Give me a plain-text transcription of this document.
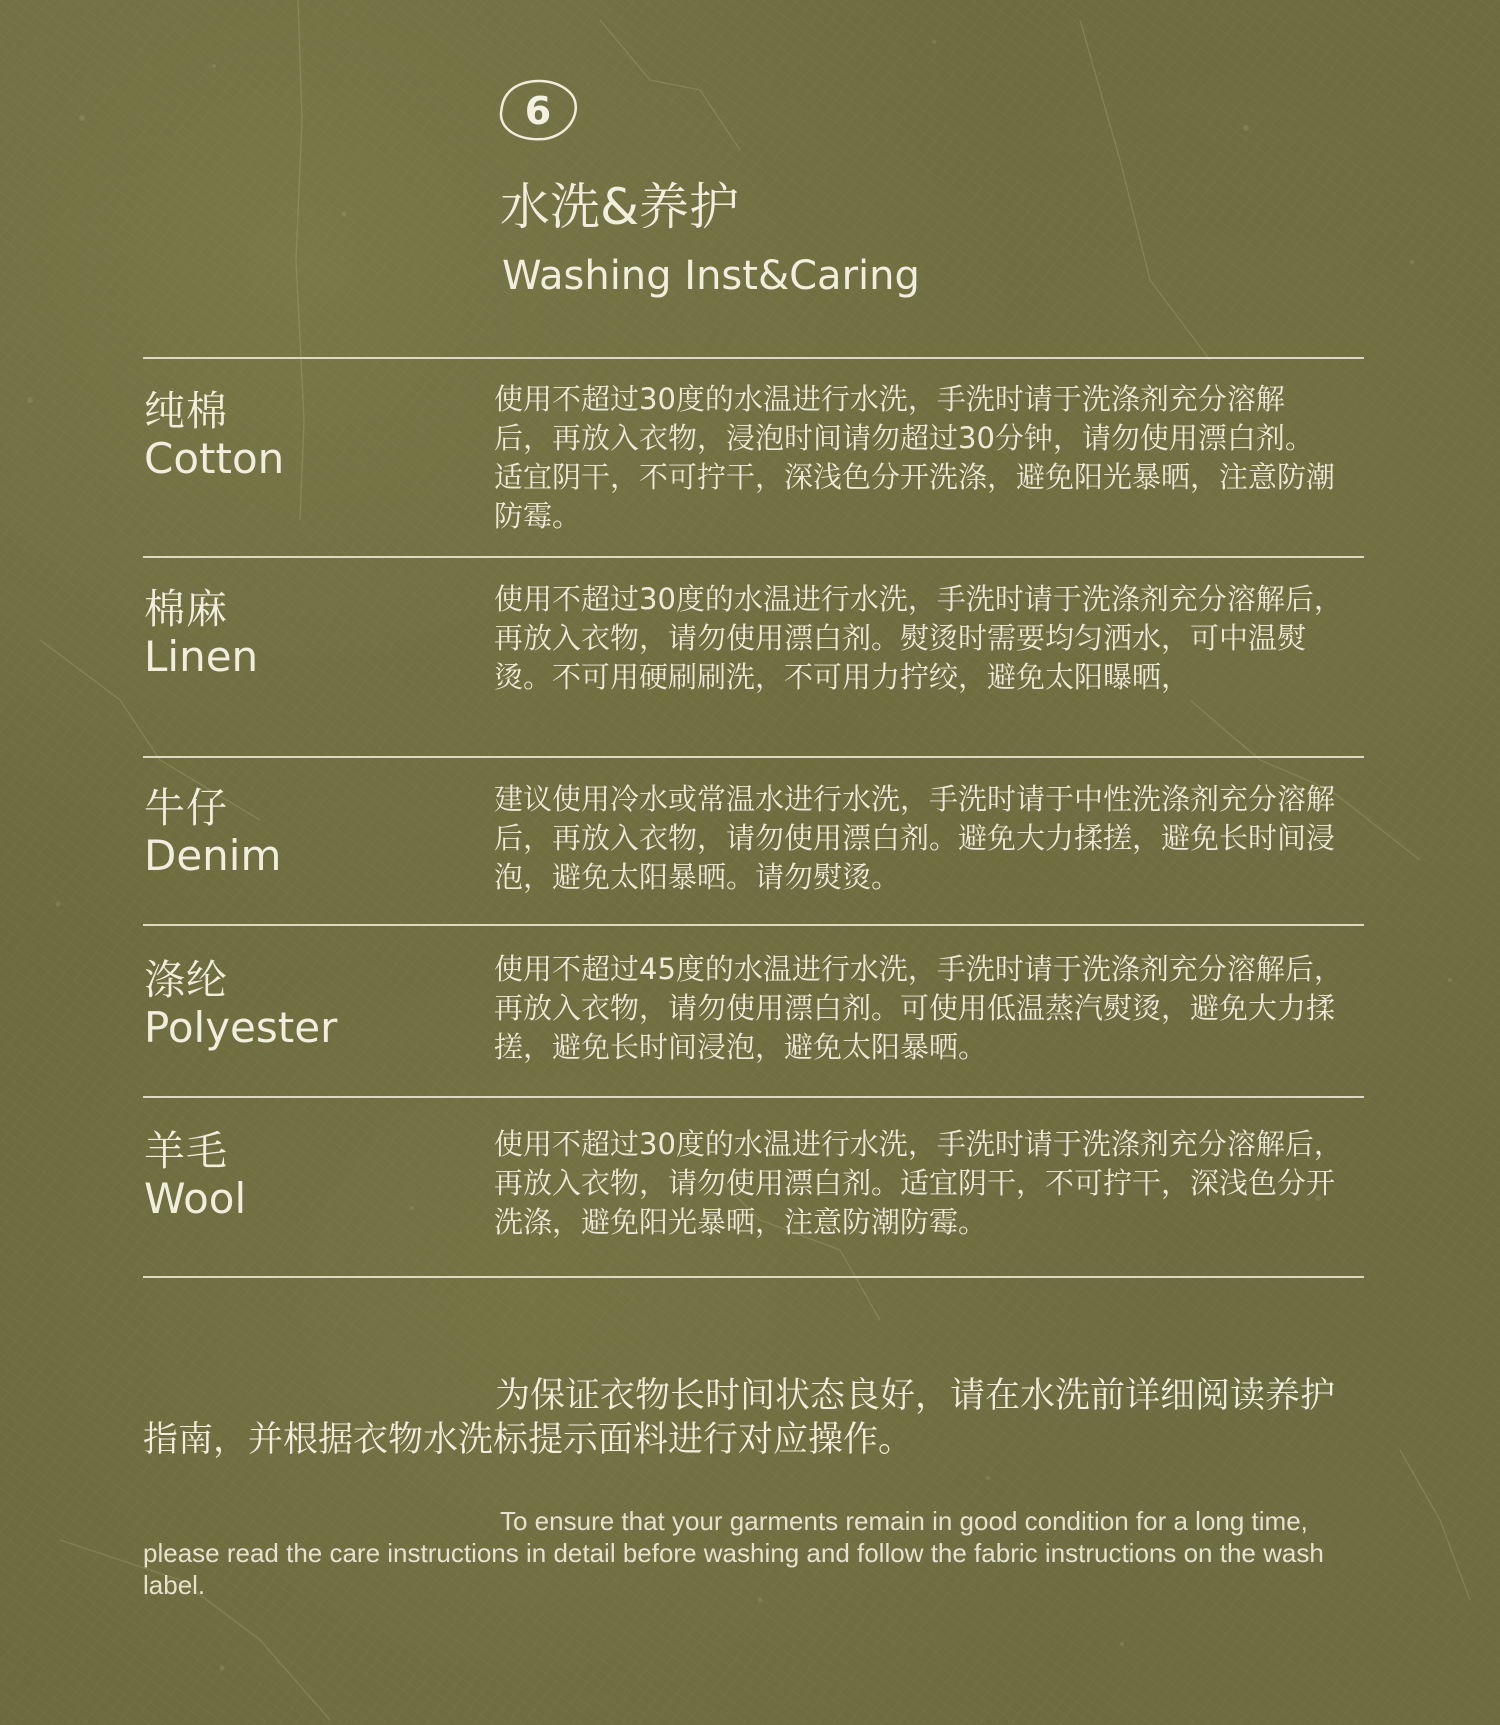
6
水洗&养护
Washing Inst&Caring
纯棉
Cotton
使用不超过30度的水温进行水洗，手洗时请于洗涤剂充分溶解后，再放入衣物，浸泡时间请勿超过30分钟，请勿使用漂白剂。适宜阴干，不可拧干，深浅色分开洗涤，避免阳光暴晒，注意防潮防霉。
棉麻
Linen
使用不超过30度的水温进行水洗，手洗时请于洗涤剂充分溶解后，再放入衣物，请勿使用漂白剂。熨烫时需要均匀洒水，可中温熨烫。不可用硬刷刷洗，不可用力拧绞，避免太阳曝晒，
牛仔
Denim
建议使用冷水或常温水进行水洗，手洗时请于中性洗涤剂充分溶解后，再放入衣物，请勿使用漂白剂。避免大力揉搓，避免长时间浸泡，避免太阳暴晒。请勿熨烫。
涤纶
Polyester
使用不超过45度的水温进行水洗，手洗时请于洗涤剂充分溶解后，再放入衣物，请勿使用漂白剂。可使用低温蒸汽熨烫，避免大力揉搓，避免长时间浸泡，避免太阳暴晒。
羊毛
Wool
使用不超过30度的水温进行水洗，手洗时请于洗涤剂充分溶解后，再放入衣物，请勿使用漂白剂。适宜阴干，不可拧干，深浅色分开洗涤，避免阳光暴晒，注意防潮防霉。
为保证衣物长时间状态良好，请在水洗前详细阅读养护指南，并根据衣物水洗标提示面料进行对应操作。
To ensure that your garments remain in good condition for a long time, please read the care instructions in detail before washing and follow the fabric instructions on the wash label.
